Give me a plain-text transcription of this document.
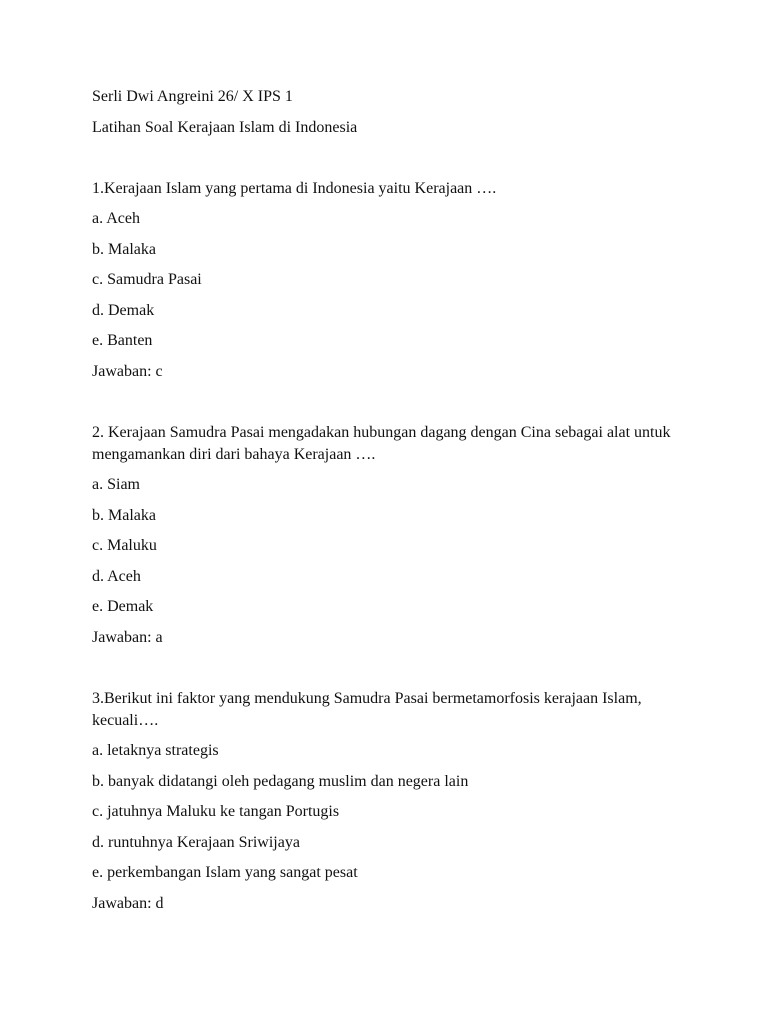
Serli Dwi Angreini 26/ X IPS 1
Latihan Soal Kerajaan Islam di Indonesia
1.Kerajaan Islam yang pertama di Indonesia yaitu Kerajaan ….
a. Aceh
b. Malaka
c. Samudra Pasai
d. Demak
e. Banten
Jawaban: c
2. Kerajaan Samudra Pasai mengadakan hubungan dagang dengan Cina sebagai alat untuk mengamankan diri dari bahaya Kerajaan ….
a. Siam
b. Malaka
c. Maluku
d. Aceh
e. Demak
Jawaban: a
3.Berikut ini faktor yang mendukung Samudra Pasai bermetamorfosis kerajaan Islam, kecuali….
a. letaknya strategis
b. banyak didatangi oleh pedagang muslim dan negera lain
c. jatuhnya Maluku ke tangan Portugis
d. runtuhnya Kerajaan Sriwijaya
e. perkembangan Islam yang sangat pesat
Jawaban: d
